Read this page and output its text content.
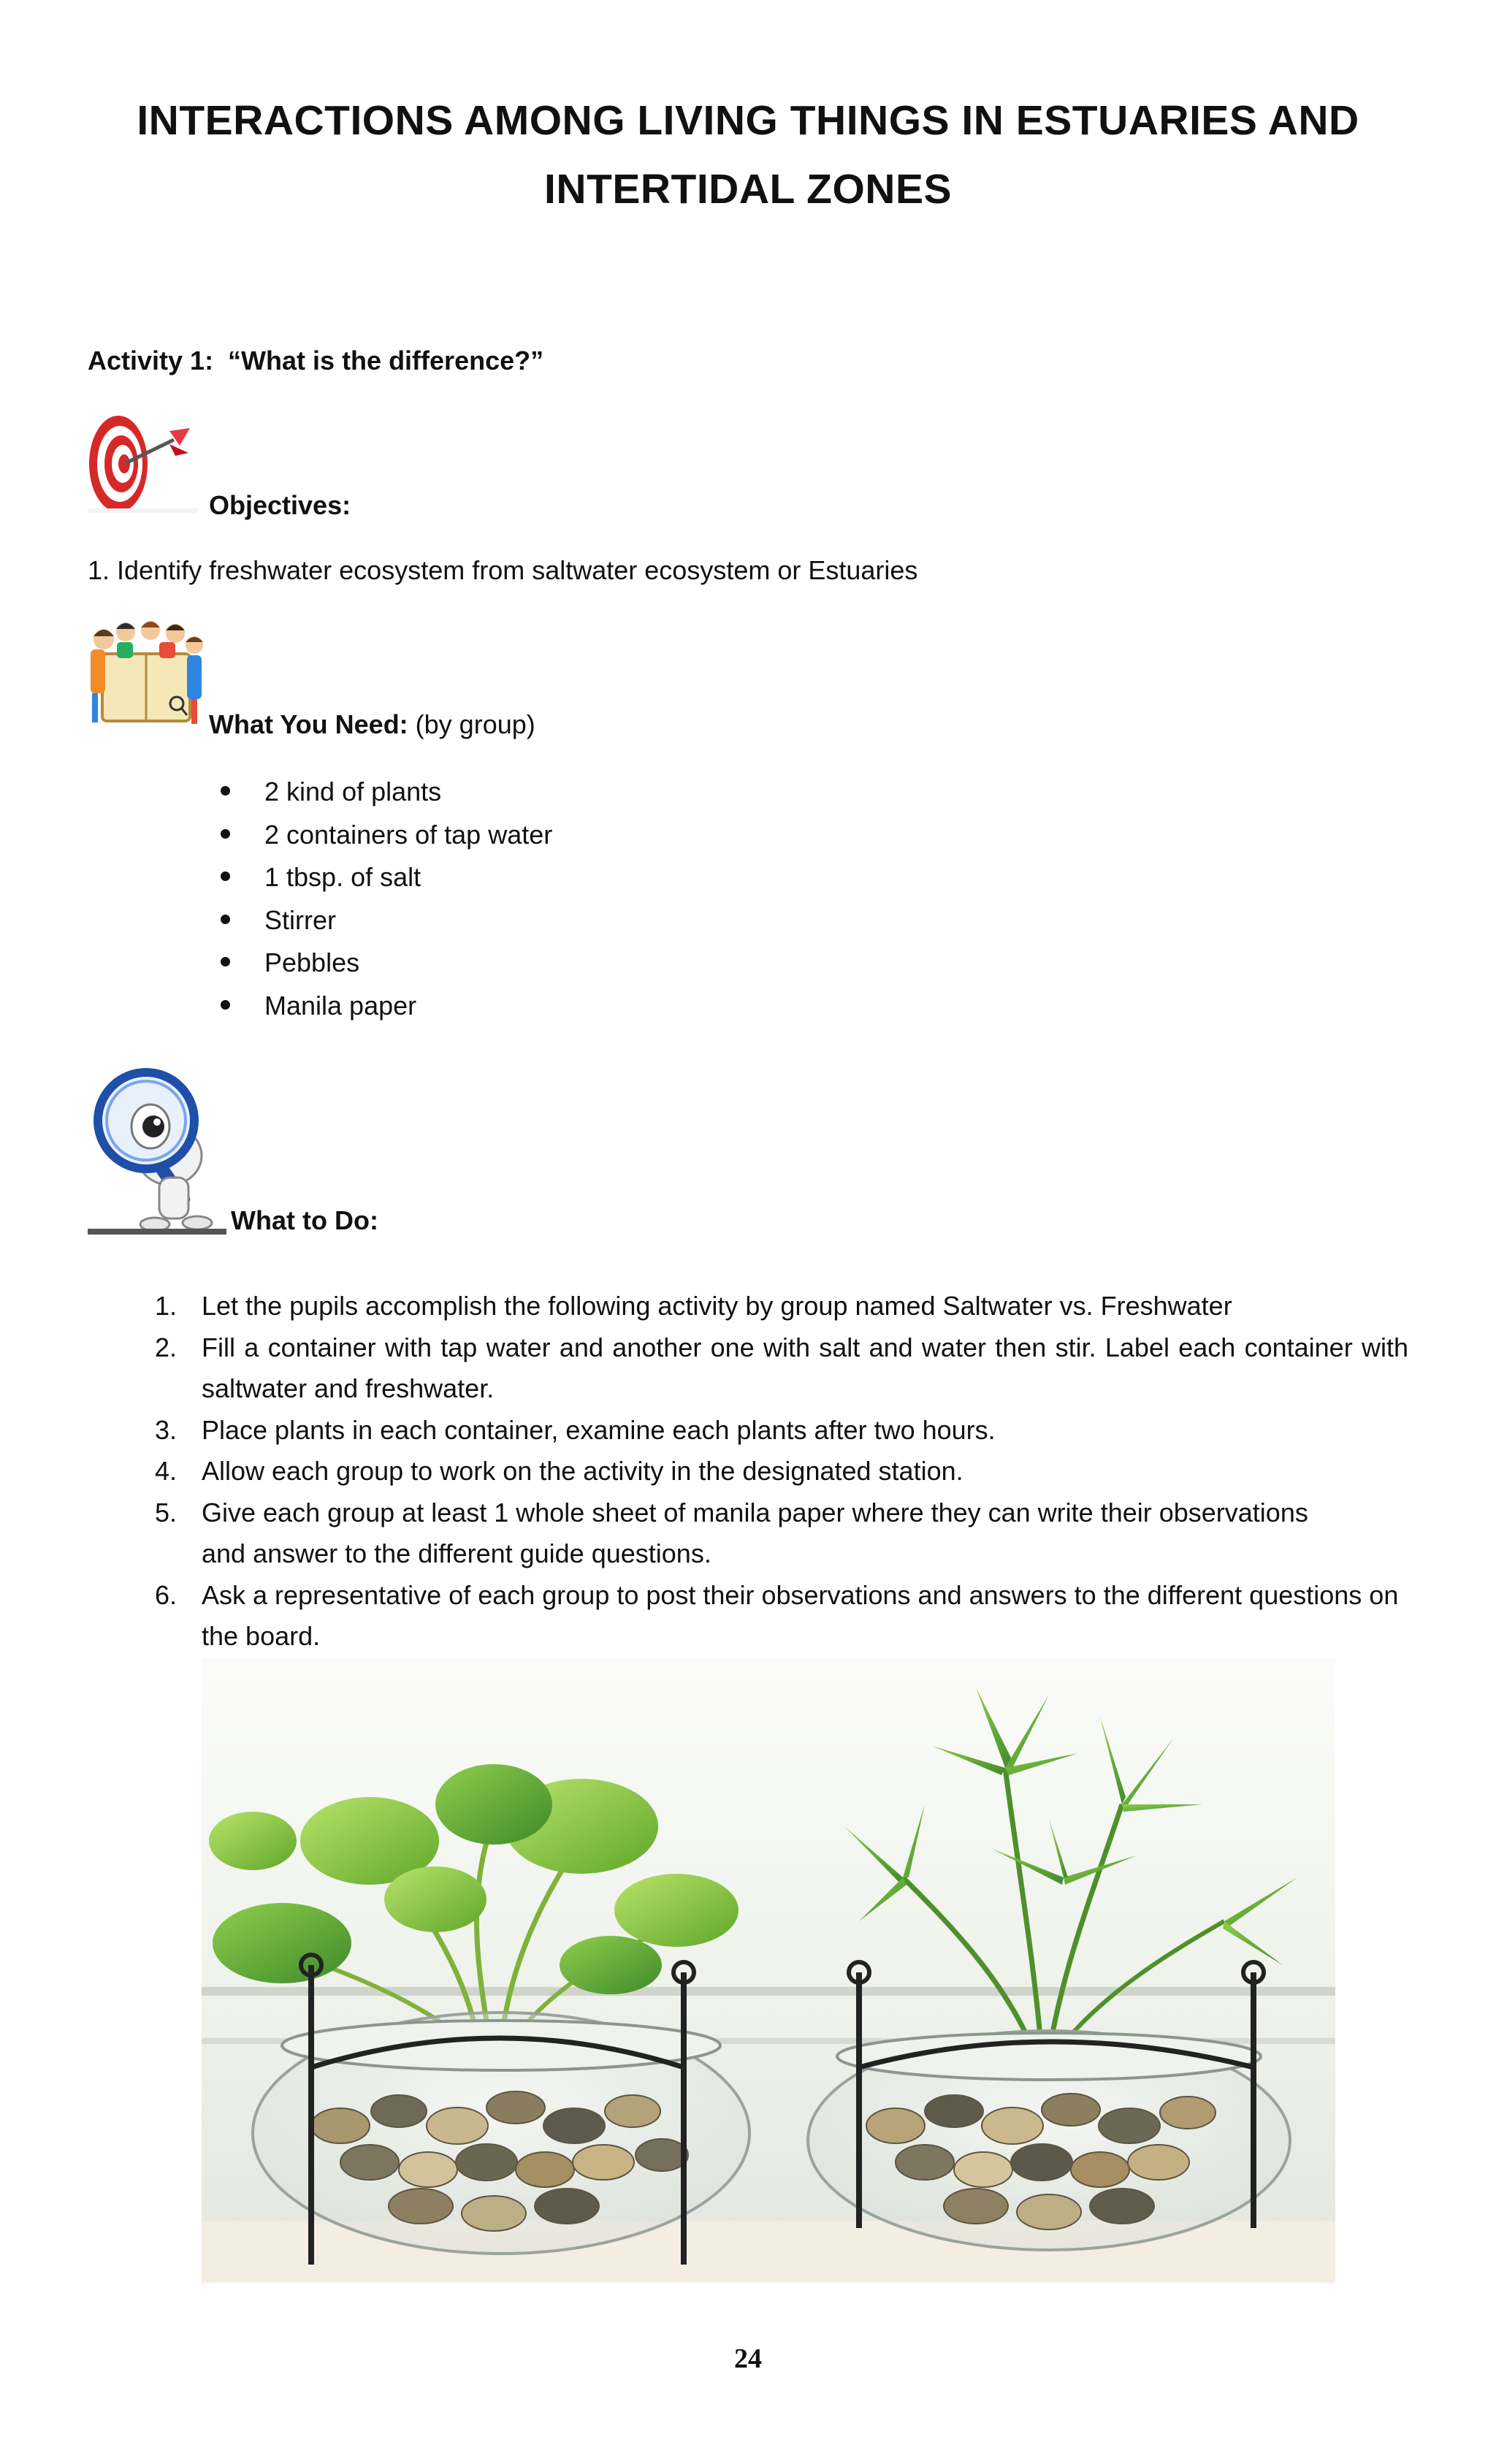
INTERACTIONS AMONG LIVING THINGS IN ESTUARIES AND
INTERTIDAL ZONES
Activity 1:  “What is the difference?”
Objectives:
1. Identify freshwater ecosystem from saltwater ecosystem or Estuaries
What You Need: (by group)
2 kind of plants
2 containers of tap water
1 tbsp. of salt
Stirrer
Pebbles
Manila paper
What to Do:
1. Let the pupils accomplish the following activity by group named Saltwater vs. Freshwater
2. Fill a container with tap water and another one with salt and water then stir. Label each container with saltwater and freshwater.
3. Place plants in each container, examine each plants after two hours.
4. Allow each group to work on the activity in the designated station.
5. Give each group at least 1 whole sheet of manila paper where they can write their observations and answer to the different guide questions.
6. Ask a representative of each group to post their observations and answers to the different questions on the board.
24
